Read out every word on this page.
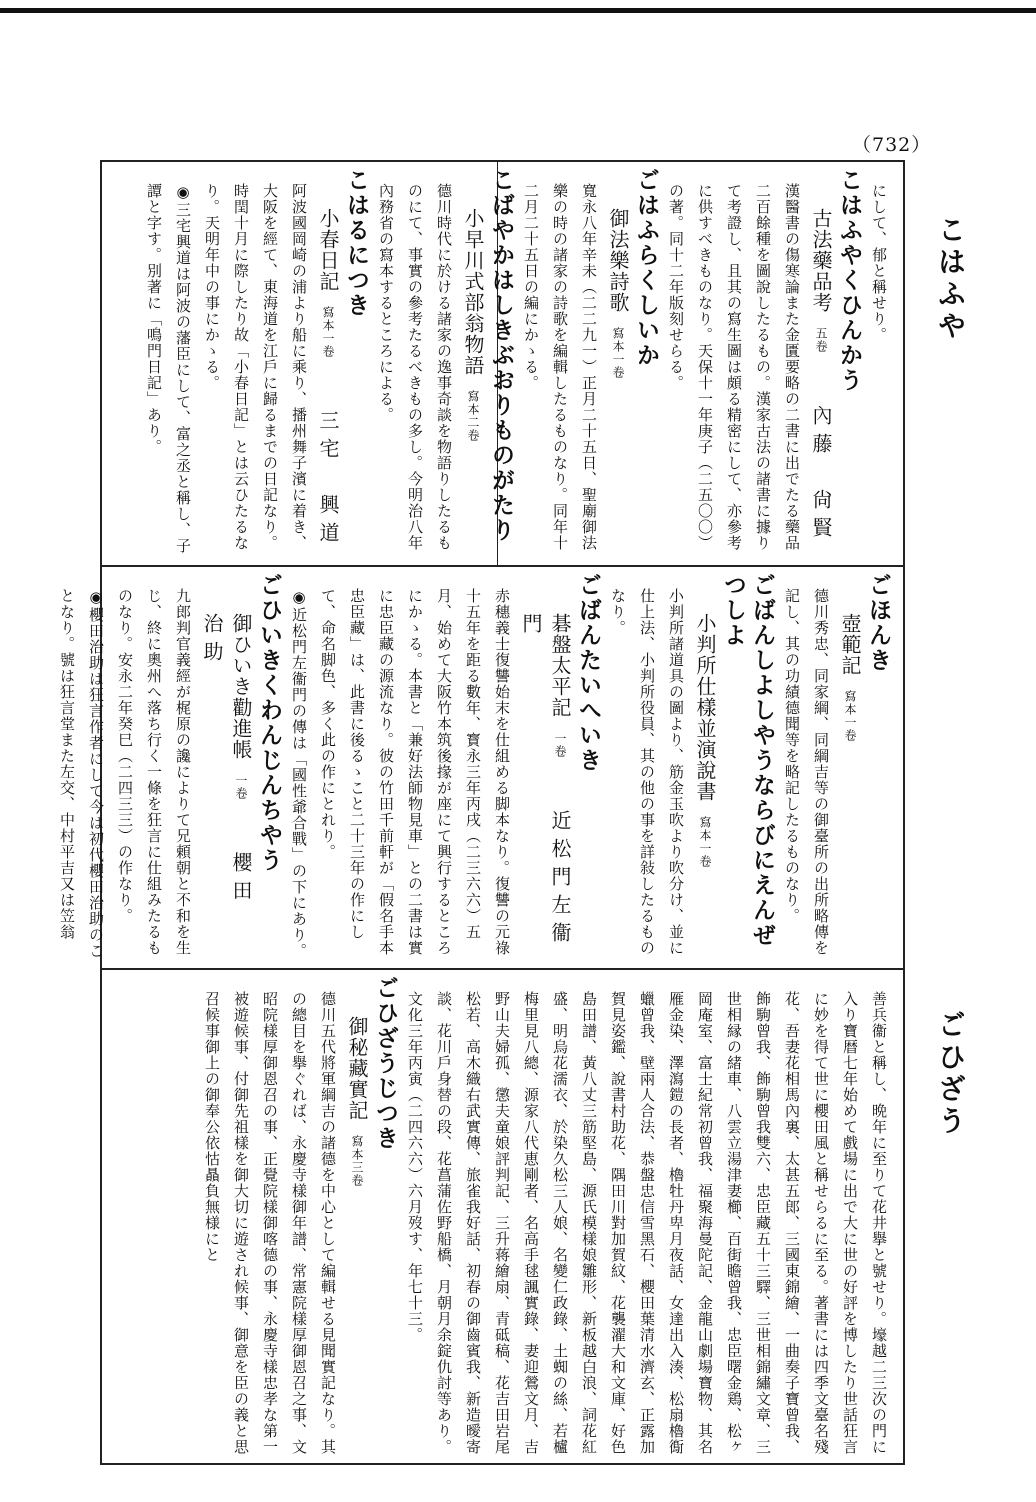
（732）
こはふや
ごひざう
にして、郁と稱せり。
こはふやくひんかう
古法藥品考五卷內藤　尙賢
漢醫書の傷寒論また金匱要略の二書に出でたる藥品二百餘種を圖說したるもの。漢家古法の諸書に據りて考證し、且其の寫生圖は頗る精密にして、亦參考に供すべきものなり。天保十一年庚子（二五〇〇）の著。同十二年版刻せらる。
ごはふらくしいか
御法樂詩歌寫本一卷
寬永八年辛未（二二九一）正月二十五日、聖廟御法樂の時の諸家の詩歌を編輯したるものなり。同年十二月二十五日の編にかゝる。
こばやかはしきぶおりものがたり
小早川式部翁物語寫本二卷
德川時代に於ける諸家の逸事奇談を物語りしたるものにて、事實の參考たるべきもの多し。今明治八年內務省の寫本するところによる。
こはるにつき
小春日記寫本一卷三宅　興道
阿波國岡崎の浦より船に乘り、播州舞子濱に着き、大阪を經て、東海道を江戶に歸るまでの日記なり。時閏十月に際したり故「小春日記」とは云ひたるなり。天明年中の事にかゝる。
◉三宅興道は阿波の藩臣にして、富之丞と稱し、子譚と字す。別著に「鳴門日記」あり。
ごほんき
壺範記寫本一卷
德川秀忠、同家綱、同綱吉等の御臺所の出所略傳を記し、其の功績德聞等を略記したるものなり。
ごばんしよしやうならびにえんぜつしよ
小判所仕樣並演說書寫本一卷
小判所諸道具の圖より、筋金玉吹より吹分け、並に仕上法、小判所役員、其の他の事を詳敍したるものなり。
ごばんたいへいき
碁盤太平記一卷近松門左衞門
赤穗義士復讐始末を仕組める脚本なり。復讐の元祿十五年を距る數年、寳永三年丙戌（二三六六）五月、始めて大阪竹本筑後掾が座にて興行するところにかゝる。本書と「兼好法師物見車」との二書は實に忠臣藏の源流なり。彼の竹田千前軒が「假名手本忠臣藏」は、此書に後るゝこと二十三年の作にして、命名脚色、多く此の作にとれり。
◉近松門左衞門の傳は「國性爺合戰」の下にあり。
ごひいきくわんじんちやう
御ひいき勸進帳一卷櫻田　治助
九郎判官義經が梶原の讒によりて兄頼朝と不和を生じ、終に奧州へ落ち行く一條を狂言に仕組みたるものなり。安永二年癸巳（二四三三）の作なり。
◉櫻田治助は狂言作者にして今は初代櫻田治助のことなり。號は狂言堂また左交、中村平吉又は笠翁
善兵衞と稱し、晩年に至りて花井擧と號せり。壕越二三次の門に入り寶暦七年始めて戲場に出で大に世の好評を博したり世話狂言に妙を得て世に櫻田風と稱せらるに至る。著書には四季文臺名殘花、吾妻花相馬內裏、太甚五郎、三國東錦繪、一曲奏子寶曾我、飾駒曾我、飾駒曾我雙六、忠臣藏五十三驛、三世相錦繡文章、三世相縁の緒車、八雲立湯津妻櫛、百街瞻曾我、忠臣曙金鶏、松ヶ岡庵室、富士紀常初曾我、福聚海曼陀記、金龍山劇場寶物、其名雁金染、澤瀉鎧の長者、櫓牡丹卑月夜話、女達出入湊、松扇櫓鵆蠟曾我、壁兩人合法、恭盤忠信雪黑石、櫻田葉清水濟玄、正露加賀見姿鑑、說書村助花、隅田川對加賀紋、花襲濯大和文庫、好色島田譜、黃八丈三筋堅島、源氏模樣娘雛形、新板越白浪、詞花紅盛、明烏花濡衣、於染久松三人娘、名變仁政錄、土蜘の絲、若櫨梅里見八總、源家八代恵剛者、名高手毬諷實錄、妻迎鶯文月、吉野山夫婦孤、懲夫童娘評判記、三升蒋繪扇、青砥稿、花吉田岩尾松若、高木織右武實傳、旅雀我好話、初春の御齒賓我、新造曖寄談、花川戶身替の段、花菖蒲佐野船橋、月朝月余錠仇討等あり。文化三年丙寅（二四六六）六月歿す、年七十三。
ごひざうじつき
御秘藏實記寫本三卷
德川五代將軍綱吉の諸德を中心として編輯せる見聞實記なり。其の總目を擧ぐれば、永慶寺樣御年譜、常憲院樣厚御恩召之事、文昭院樣厚御恩召の事、正覺院樣御喀德の事、永慶寺樣忠孝な第一被遊候事、付御先祖樣を御大切に遊され候事、御意を臣の義と思召候事御上の御奉公依怙贔負無様にと
